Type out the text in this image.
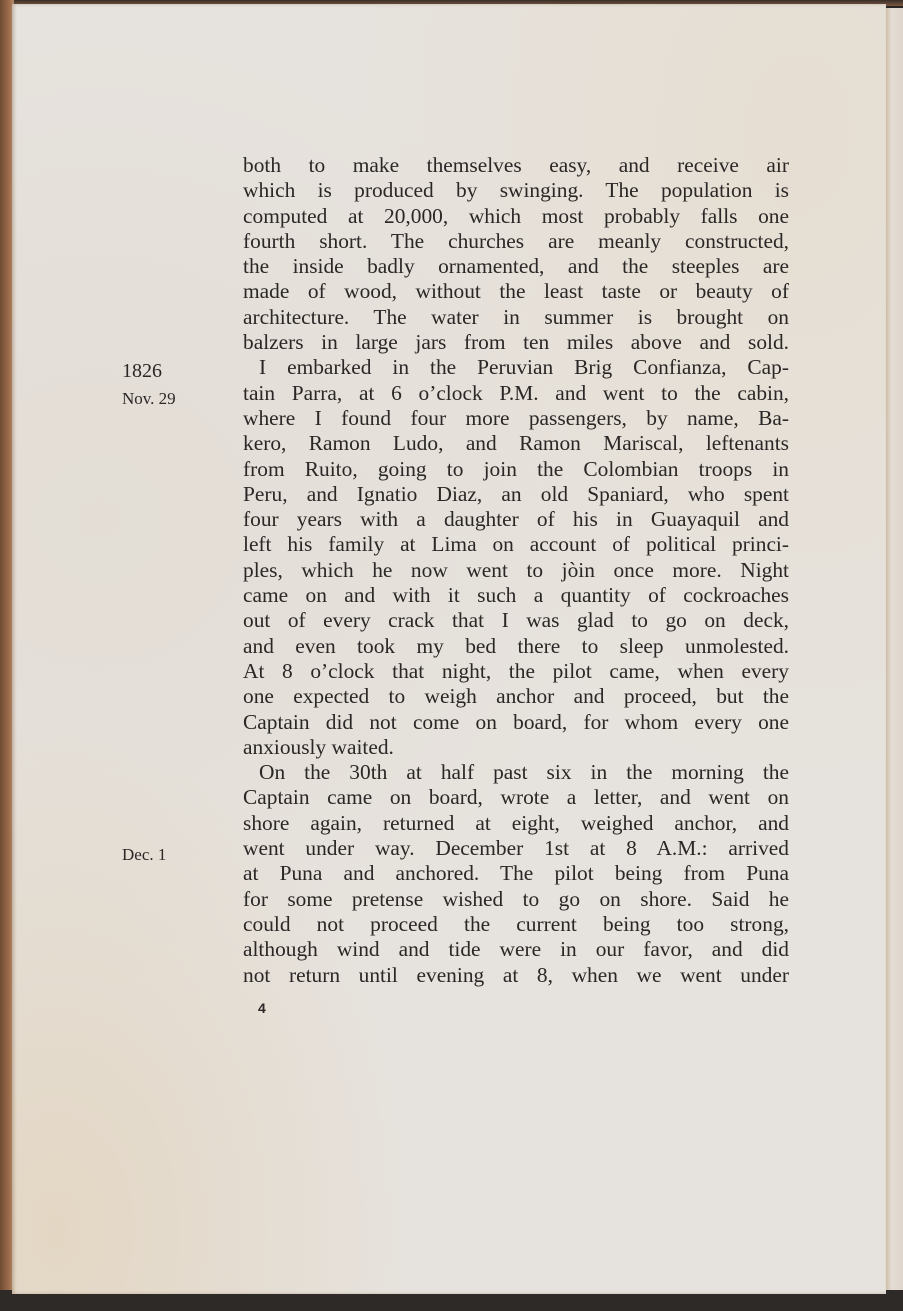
1826
Nov. 29
Dec. 1
both to make themselves easy, and receive air
which is produced by swinging. The population is
computed at 20,000, which most probably falls one
fourth short. The churches are meanly constructed,
the inside badly ornamented, and the steeples are
made of wood, without the least taste or beauty of
architecture. The water in summer is brought on
balzers in large jars from ten miles above and sold.
I embarked in the Peruvian Brig Confianza, Cap-
tain Parra, at 6 o’clock P.M. and went to the cabin,
where I found four more passengers, by name, Ba-
kero, Ramon Ludo, and Ramon Mariscal, leftenants
from Ruito, going to join the Colombian troops in
Peru, and Ignatio Diaz, an old Spaniard, who spent
four years with a daughter of his in Guayaquil and
left his family at Lima on account of political princi-
ples, which he now went to jòin once more. Night
came on and with it such a quantity of cockroaches
out of every crack that I was glad to go on deck,
and even took my bed there to sleep unmolested.
At 8 o’clock that night, the pilot came, when every
one expected to weigh anchor and proceed, but the
Captain did not come on board, for whom every one
anxiously waited.
On the 30th at half past six in the morning the
Captain came on board, wrote a letter, and went on
shore again, returned at eight, weighed anchor, and
went under way. December 1st at 8 A.M.: arrived
at Puna and anchored. The pilot being from Puna
for some pretense wished to go on shore. Said he
could not proceed the current being too strong,
although wind and tide were in our favor, and did
not return until evening at 8, when we went under
4
